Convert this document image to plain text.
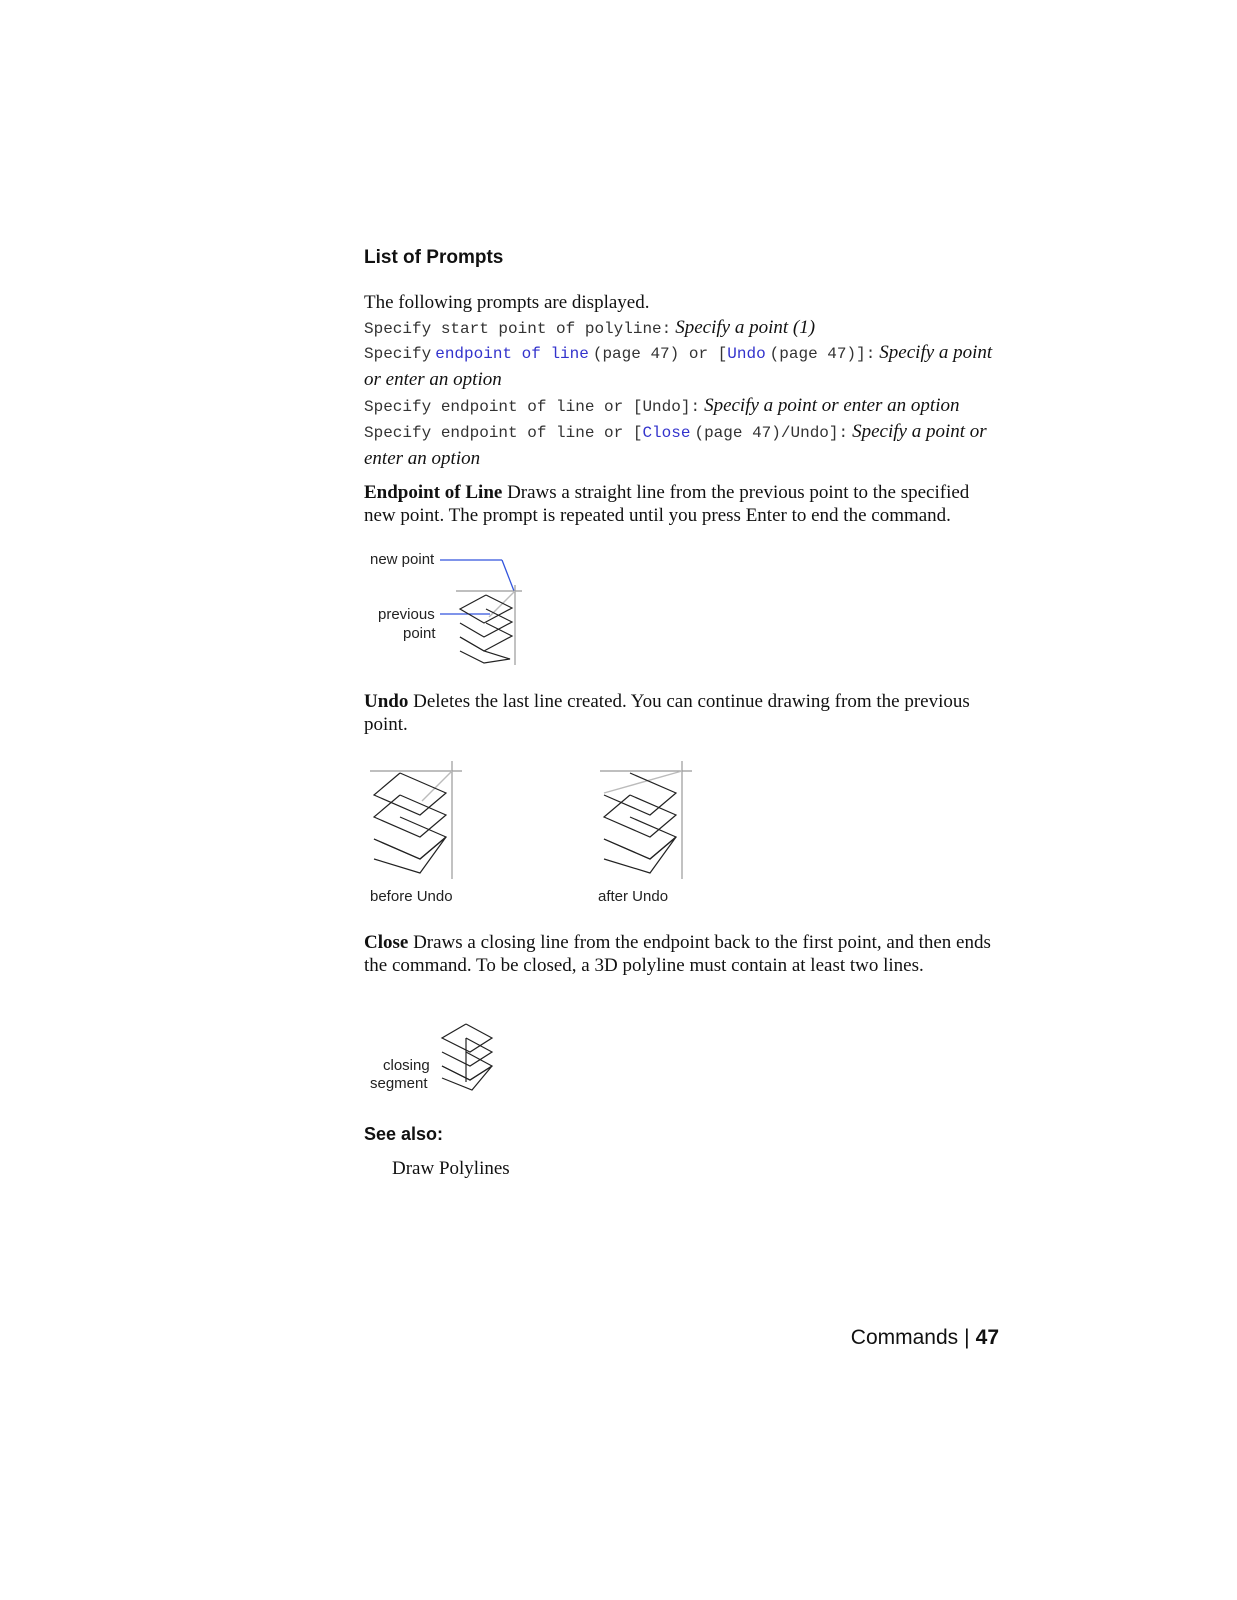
List of Prompts
The following prompts are displayed.
Specify start point of polyline: Specify a point (1)
Specify endpoint of line (page 47) or [Undo (page 47)]: Specify a point or enter an option
Specify endpoint of line or [Undo]: Specify a point or enter an option
Specify endpoint of line or [Close (page 47)/Undo]: Specify a point or enter an option
Endpoint of Line Draws a straight line from the previous point to the specified new point. The prompt is repeated until you press Enter to end the command.
new point
previous
point
Undo Deletes the last line created. You can continue drawing from the previous point.
before Undo	after Undo
Close Draws a closing line from the endpoint back to the first point, and then ends the command. To be closed, a 3D polyline must contain at least two lines.
closing
segment
See also:
Draw Polylines
Commands | 47
